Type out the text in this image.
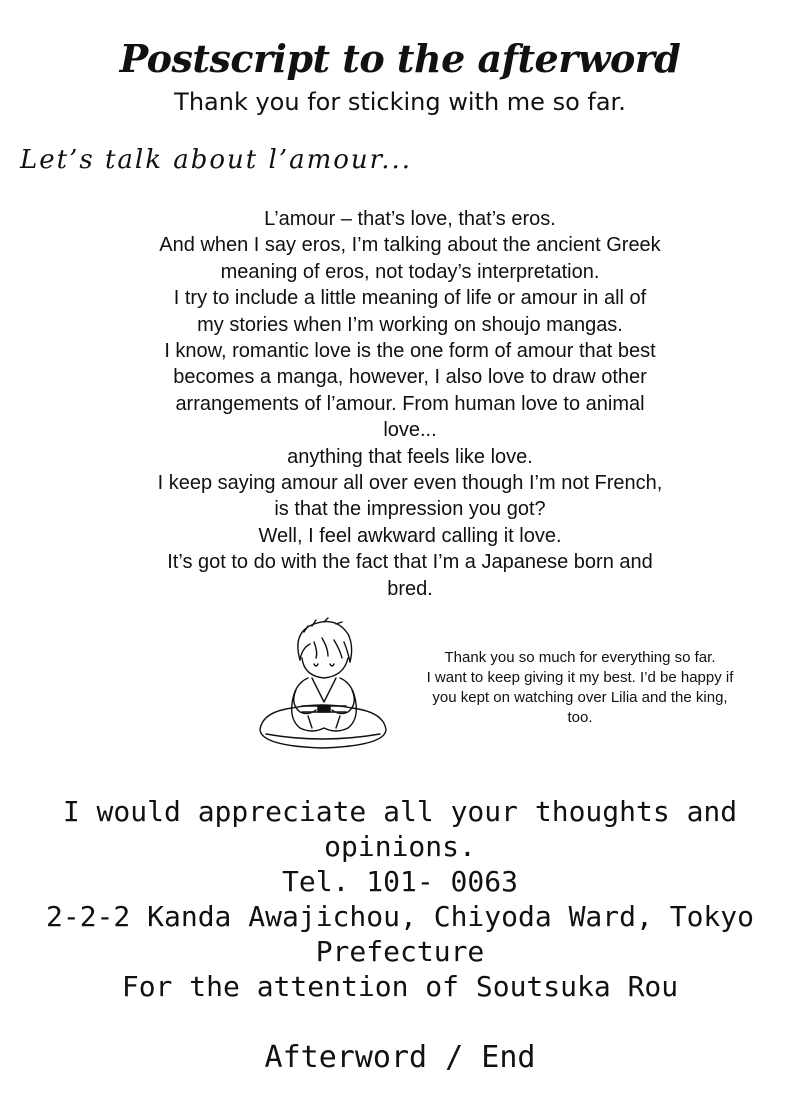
Postscript to the afterword
Thank you for sticking with me so far.
Let’s talk about l’amour...
L’amour – that’s love, that’s eros.
And when I say eros, I’m talking about the ancient Greek
meaning of eros, not today’s interpretation.
I try to include a little meaning of life or amour in all of
my stories when I’m working on shoujo mangas.
I know, romantic love is the one form of amour that best
becomes a manga, however, I also love to draw other
arrangements of l’amour. From human love to animal
love...
anything that feels like love.
I keep saying amour all over even though I’m not French,
is that the impression you got?
Well, I feel awkward calling it love.
It’s got to do with the fact that I’m a Japanese born and
bred.
Thank you so much for everything so far.
I want to keep giving it my best. I’d be happy if
you kept on watching over Lilia and the king,
too.
I would appreciate all your thoughts and
opinions.
Tel. 101- 0063
2-2-2 Kanda Awajichou, Chiyoda Ward, Tokyo
Prefecture
For the attention of Soutsuka Rou
Afterword / End
